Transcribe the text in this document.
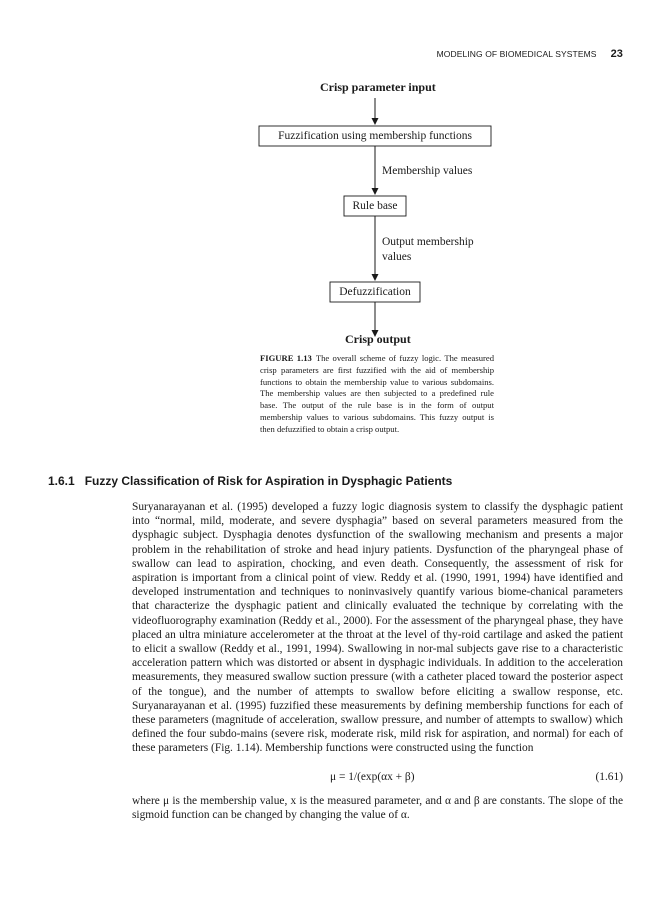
MODELING OF BIOMEDICAL SYSTEMS 23
Crisp parameter input
Fuzzification using membership functions
Membership values
Rule base
Output membership
values
Defuzzification
Crisp output
FIGURE 1.13 The overall scheme of fuzzy logic. The measured crisp parameters are first fuzzified with the aid of membership functions to obtain the membership value to various subdomains. The membership values are then subjected to a predefined rule base. The output of the rule base is in the form of output membership values to various subdomains. This fuzzy output is then defuzzified to obtain a crisp output.
1.6.1 Fuzzy Classification of Risk for Aspiration in Dysphagic Patients

Suryanarayanan et al. (1995) developed a fuzzy logic diagnosis system to classify the dysphagic patient into “normal, mild, moderate, and severe dysphagia” based on several parameters measured from the dysphagic subject. Dysphagia denotes dysfunction of the swallowing mechanism and presents a major problem in the rehabilitation of stroke and head injury patients. Dysfunction of the pharyngeal phase of swallow can lead to aspiration, chocking, and even death. Consequently, the assessment of risk for aspiration is important from a clinical point of view. Reddy et al. (1990, 1991, 1994) have identified and developed instrumentation and techniques to noninvasively quantify various biome-chanical parameters that characterize the dysphagic patient and clinically evaluated the technique by correlating with the videofluorography examination (Reddy et al., 2000). For the assessment of the pharyngeal phase, they have placed an ultra miniature accelerometer at the throat at the level of thy-roid cartilage and asked the patient to elicit a swallow (Reddy et al., 1991, 1994). Swallowing in nor-mal subjects gave rise to a characteristic acceleration pattern which was distorted or absent in dysphagic individuals. In addition to the acceleration measurements, they measured swallow suction pressure (with a catheter placed toward the posterior aspect of the tongue), and the number of attempts to swallow before eliciting a swallow response, etc. Suryanarayanan et al. (1995) fuzzified these measurements by defining membership functions for each of these parameters (magnitude of acceleration, swallow pressure, and number of attempts to swallow) which defined the four subdo-mains (severe risk, moderate risk, mild risk for aspiration, and normal) for each of these parameters (Fig. 1.14). Membership functions were constructed using the function

μ = 1/(exp(αx + β)	(1.61)

where μ is the membership value, x is the measured parameter, and α and β are constants. The slope of the sigmoid function can be changed by changing the value of α.
